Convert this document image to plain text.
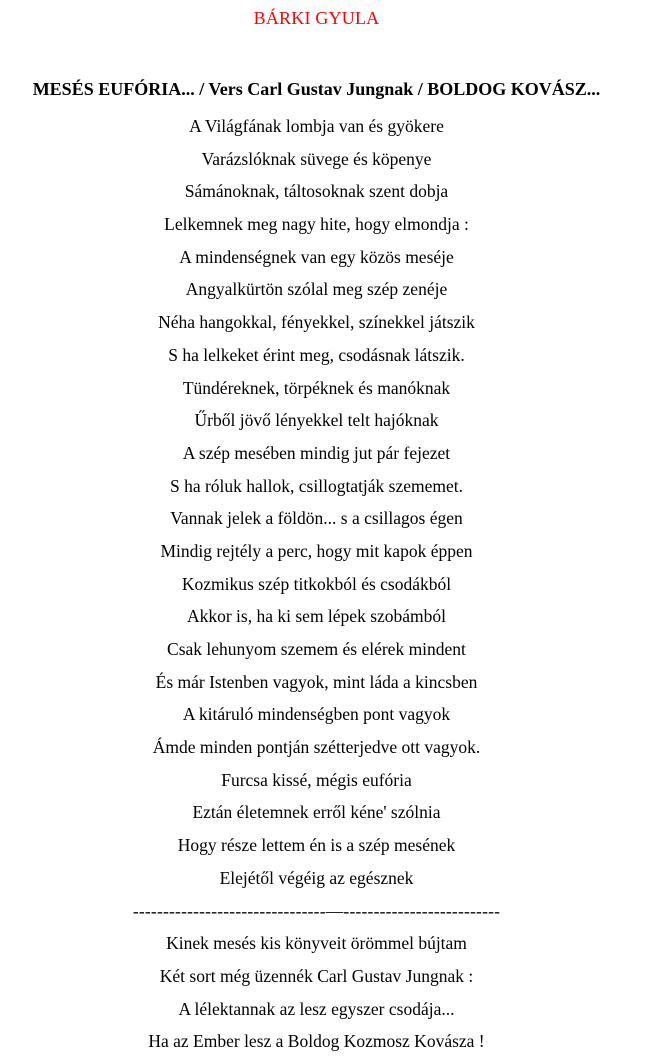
BÁRKI GYULA
MESÉS EUFÓRIA... / Vers Carl Gustav Jungnak / BOLDOG KOVÁSZ...

A Világfának lombja van és gyökere

Varázslóknak süvege és köpenye

Sámánoknak, táltosoknak szent dobja

Lelkemnek meg nagy hite, hogy elmondja :

A mindenségnek van egy közös meséje

Angyalkürtön szólal meg szép zenéje

Néha hangokkal, fényekkel, színekkel játszik

S ha lelkeket érint meg, csodásnak látszik.

Tündéreknek, törpéknek és manóknak

Űrből jövő lényekkel telt hajóknak

A szép mesében mindig jut pár fejezet

S ha róluk hallok, csillogtatják szememet.

Vannak jelek a földön... s a csillagos égen

Mindig rejtély a perc, hogy mit kapok éppen

Kozmikus szép titkokból és csodákból

Akkor is, ha ki sem lépek szobámból

Csak lehunyom szemem és elérek mindent

És már Istenben vagyok, mint láda a kincsben

A kitáruló mindenségben pont vagyok

Ámde minden pontján szétterjedve ott vagyok.

Furcsa kissé, mégis eufória

Eztán életemnek erről kéne' szólnia

Hogy része lettem én is a szép mesének

Elejétől végéig az egésznek

--------------------------------—--------------------------

Kinek mesés kis könyveit örömmel bújtam

Két sort még üzennék Carl Gustav Jungnak :

A lélektannak az lesz egyszer csodája...

Ha az Ember lesz a Boldog Kozmosz Kovásza !
